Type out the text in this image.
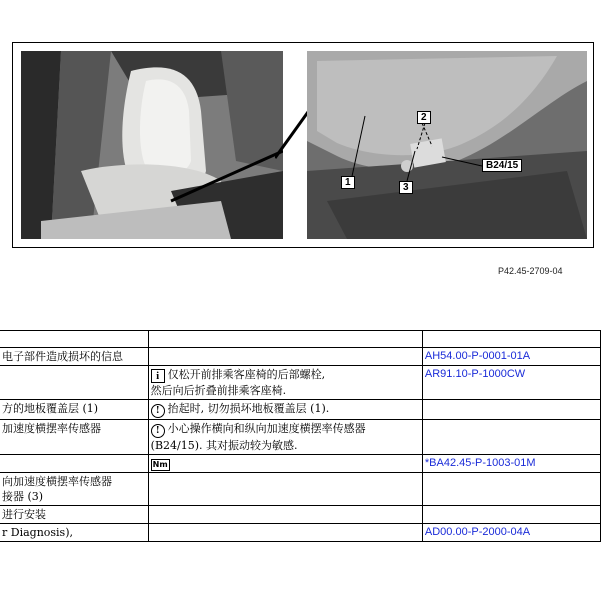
1	3
2
B24/15
P42.45-2709-04

电子部件造成损坏的信息		AH54.00-P-0001-01A
	i 仅松开前排乘客座椅的后部螺栓,
然后向后折叠前排乘客座椅.	AR91.10-P-1000CW
方的地板覆盖层 (1)	! 抬起时, 切勿损坏地板覆盖层 (1).	
加速度横摆率传感器	! 小心操作横向和纵向加速度横摆率传感器
(B24/15). 其对振动较为敏感.	
	Nm	*BA42.45-P-1003-01M
向加速度横摆率传感器
接器 (3)		
进行安装		
r Diagnosis),		AD00.00-P-2000-04A
